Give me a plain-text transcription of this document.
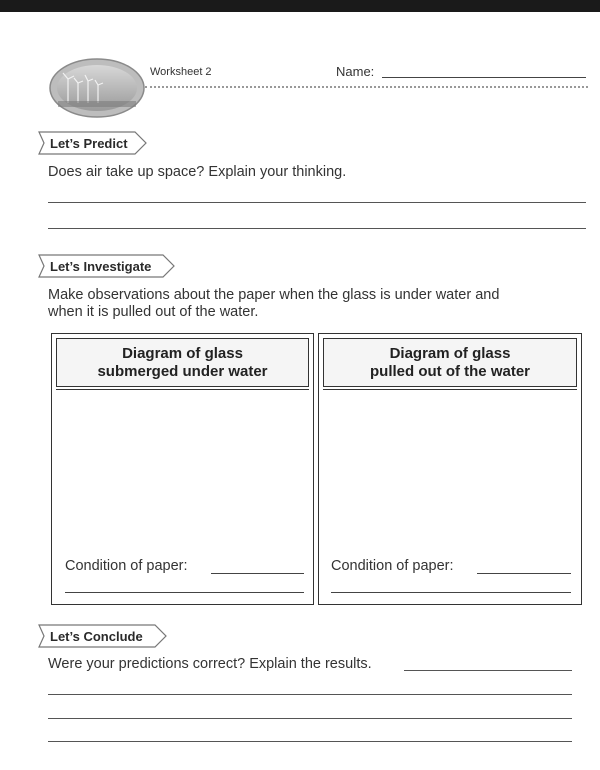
Worksheet 2	Name:
Let’s Predict
Does air take up space? Explain your thinking.
Let’s Investigate
Make observations about the paper when the glass is under water and
when it is pulled out of the water.
Diagram of glass
submerged under water
Condition of paper:
Diagram of glass
pulled out of the water
Condition of paper:
Let’s Conclude
Were your predictions correct? Explain the results.
